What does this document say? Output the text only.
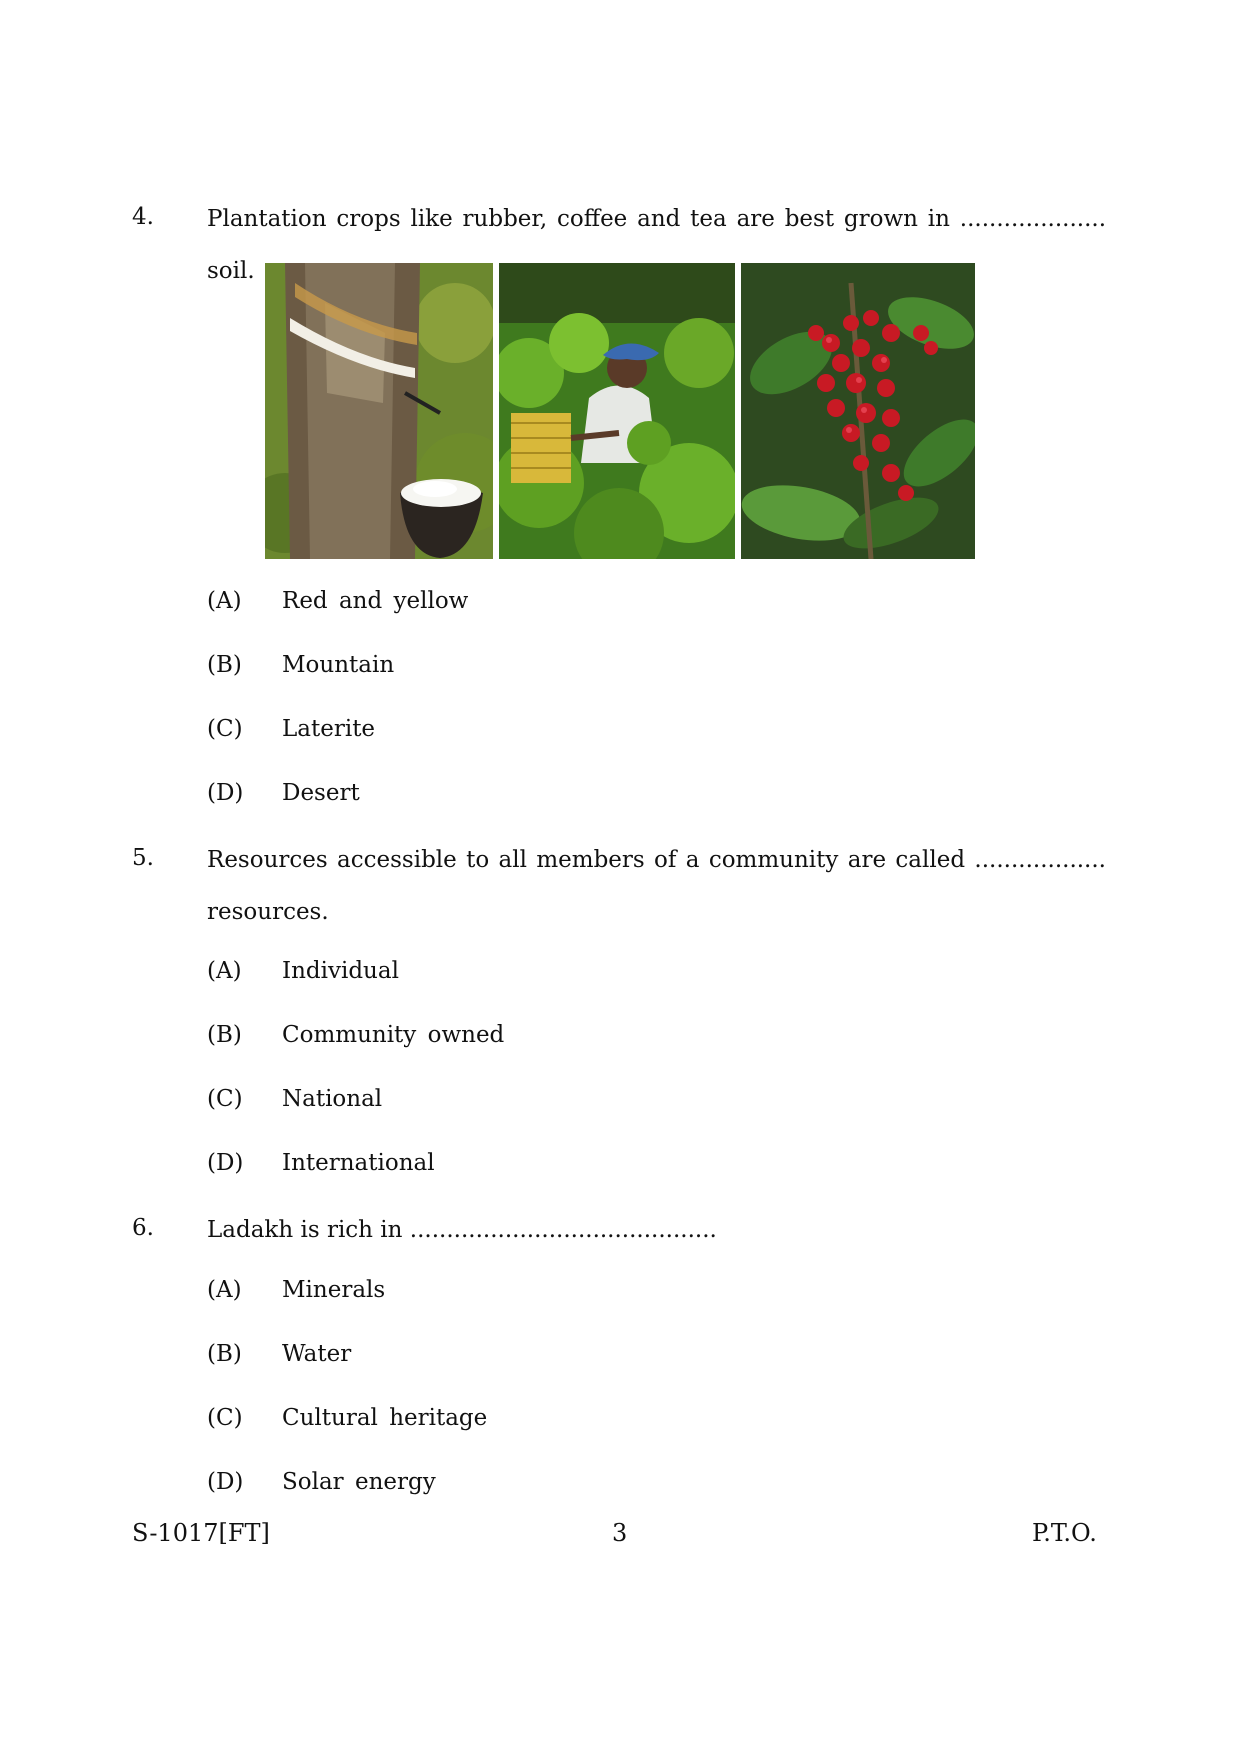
4. Plantation crops like rubber, coffee and tea are best grown in .................... soil.
(A) Red and yellow
(B) Mountain
(C) Laterite
(D) Desert
5. Resources accessible to all members of a community are called ..................
resources.
(A) Individual
(B) Community owned
(C) National
(D) International
6. Ladakh is rich in ..........................................
(A) Minerals
(B) Water
(C) Cultural heritage
(D) Solar energy
S-1017[FT]	3	P.T.O.
